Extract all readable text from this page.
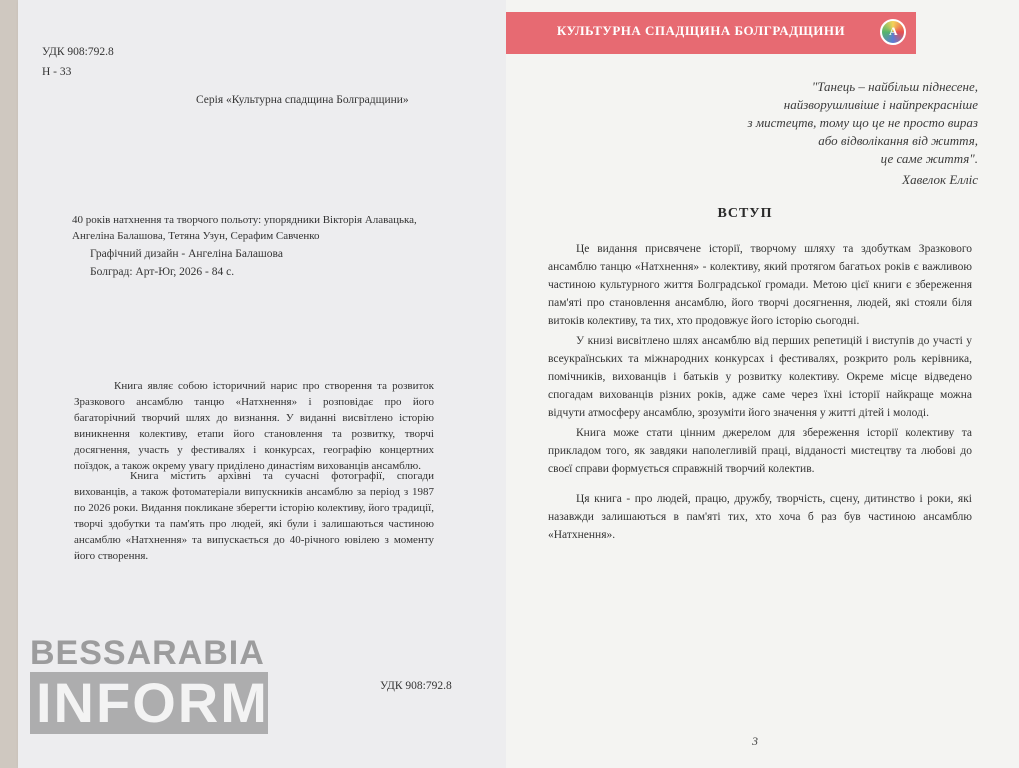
УДК 908:792.8
Н - 33
Серія «Культурна спадщина Болградщини»
40 років натхнення та творчого польоту: упорядники Вікторія Алавацька, Ангеліна Балашова, Тетяна Узун, Серафим Савченко
Графічний дизайн - Ангеліна Балашова
Болград: Арт-Юг, 2026 - 84 с.
Книга являє собою історичний нарис про створення та розвиток Зразкового ансамблю танцю «Натхнення» і розповідає про його багаторічний творчий шлях до визнання. У виданні висвітлено історію виникнення колективу, етапи його становлення та розвитку, творчі досягнення, участь у фестивалях і конкурсах, географію концертних поїздок, а також окрему увагу приділено династіям вихованців ансамблю.
Книга містить архівні та сучасні фотографії, спогади вихованців, а також фотоматеріали випускників ансамблю за період з 1987 по 2026 роки. Видання покликане зберегти історію колективу, його традиції, творчі здобутки та пам'ять про людей, які були і залишаються частиною ансамблю «Натхнення» та випускається до 40-річного ювілею з моменту його створення.
УДК 908:792.8
BESSARABIA
INFORM
КУЛЬТУРНА СПАДЩИНА БОЛГРАДЩИНИ	А
"Танець – найбільш піднесене,
найзворушливіше і найпрекрасніше
з мистецтв, тому що це не просто вираз
або відволікання від життя,
це саме життя".
Хавелок Елліс
ВСТУП
Це видання присвячене історії, творчому шляху та здобуткам Зразкового ансамблю танцю «Натхнення» - колективу, який протягом багатьох років є важливою частиною культурного життя Болградської громади. Метою цієї книги є збереження пам'яті про становлення ансамблю, його творчі досягнення, людей, які стояли біля витоків колективу, та тих, хто продовжує його історію сьогодні.
У книзі висвітлено шлях ансамблю від перших репетицій і виступів до участі у всеукраїнських та міжнародних конкурсах і фестивалях, розкрито роль керівника, помічників, вихованців і батьків у розвитку колективу. Окреме місце відведено спогадам вихованців різних років, адже саме через їхні історії найкраще можна відчути атмосферу ансамблю, зрозуміти його значення у житті дітей і молоді.
Книга може стати цінним джерелом для збереження історії колективу та прикладом того, як завдяки наполегливій праці, відданості мистецтву та любові до своєї справи формується справжній творчий колектив.
Ця книга - про людей, працю, дружбу, творчість, сцену, дитинство і роки, які назавжди залишаються в пам'яті тих, хто хоча б раз був частиною ансамблю «Натхнення».
3
